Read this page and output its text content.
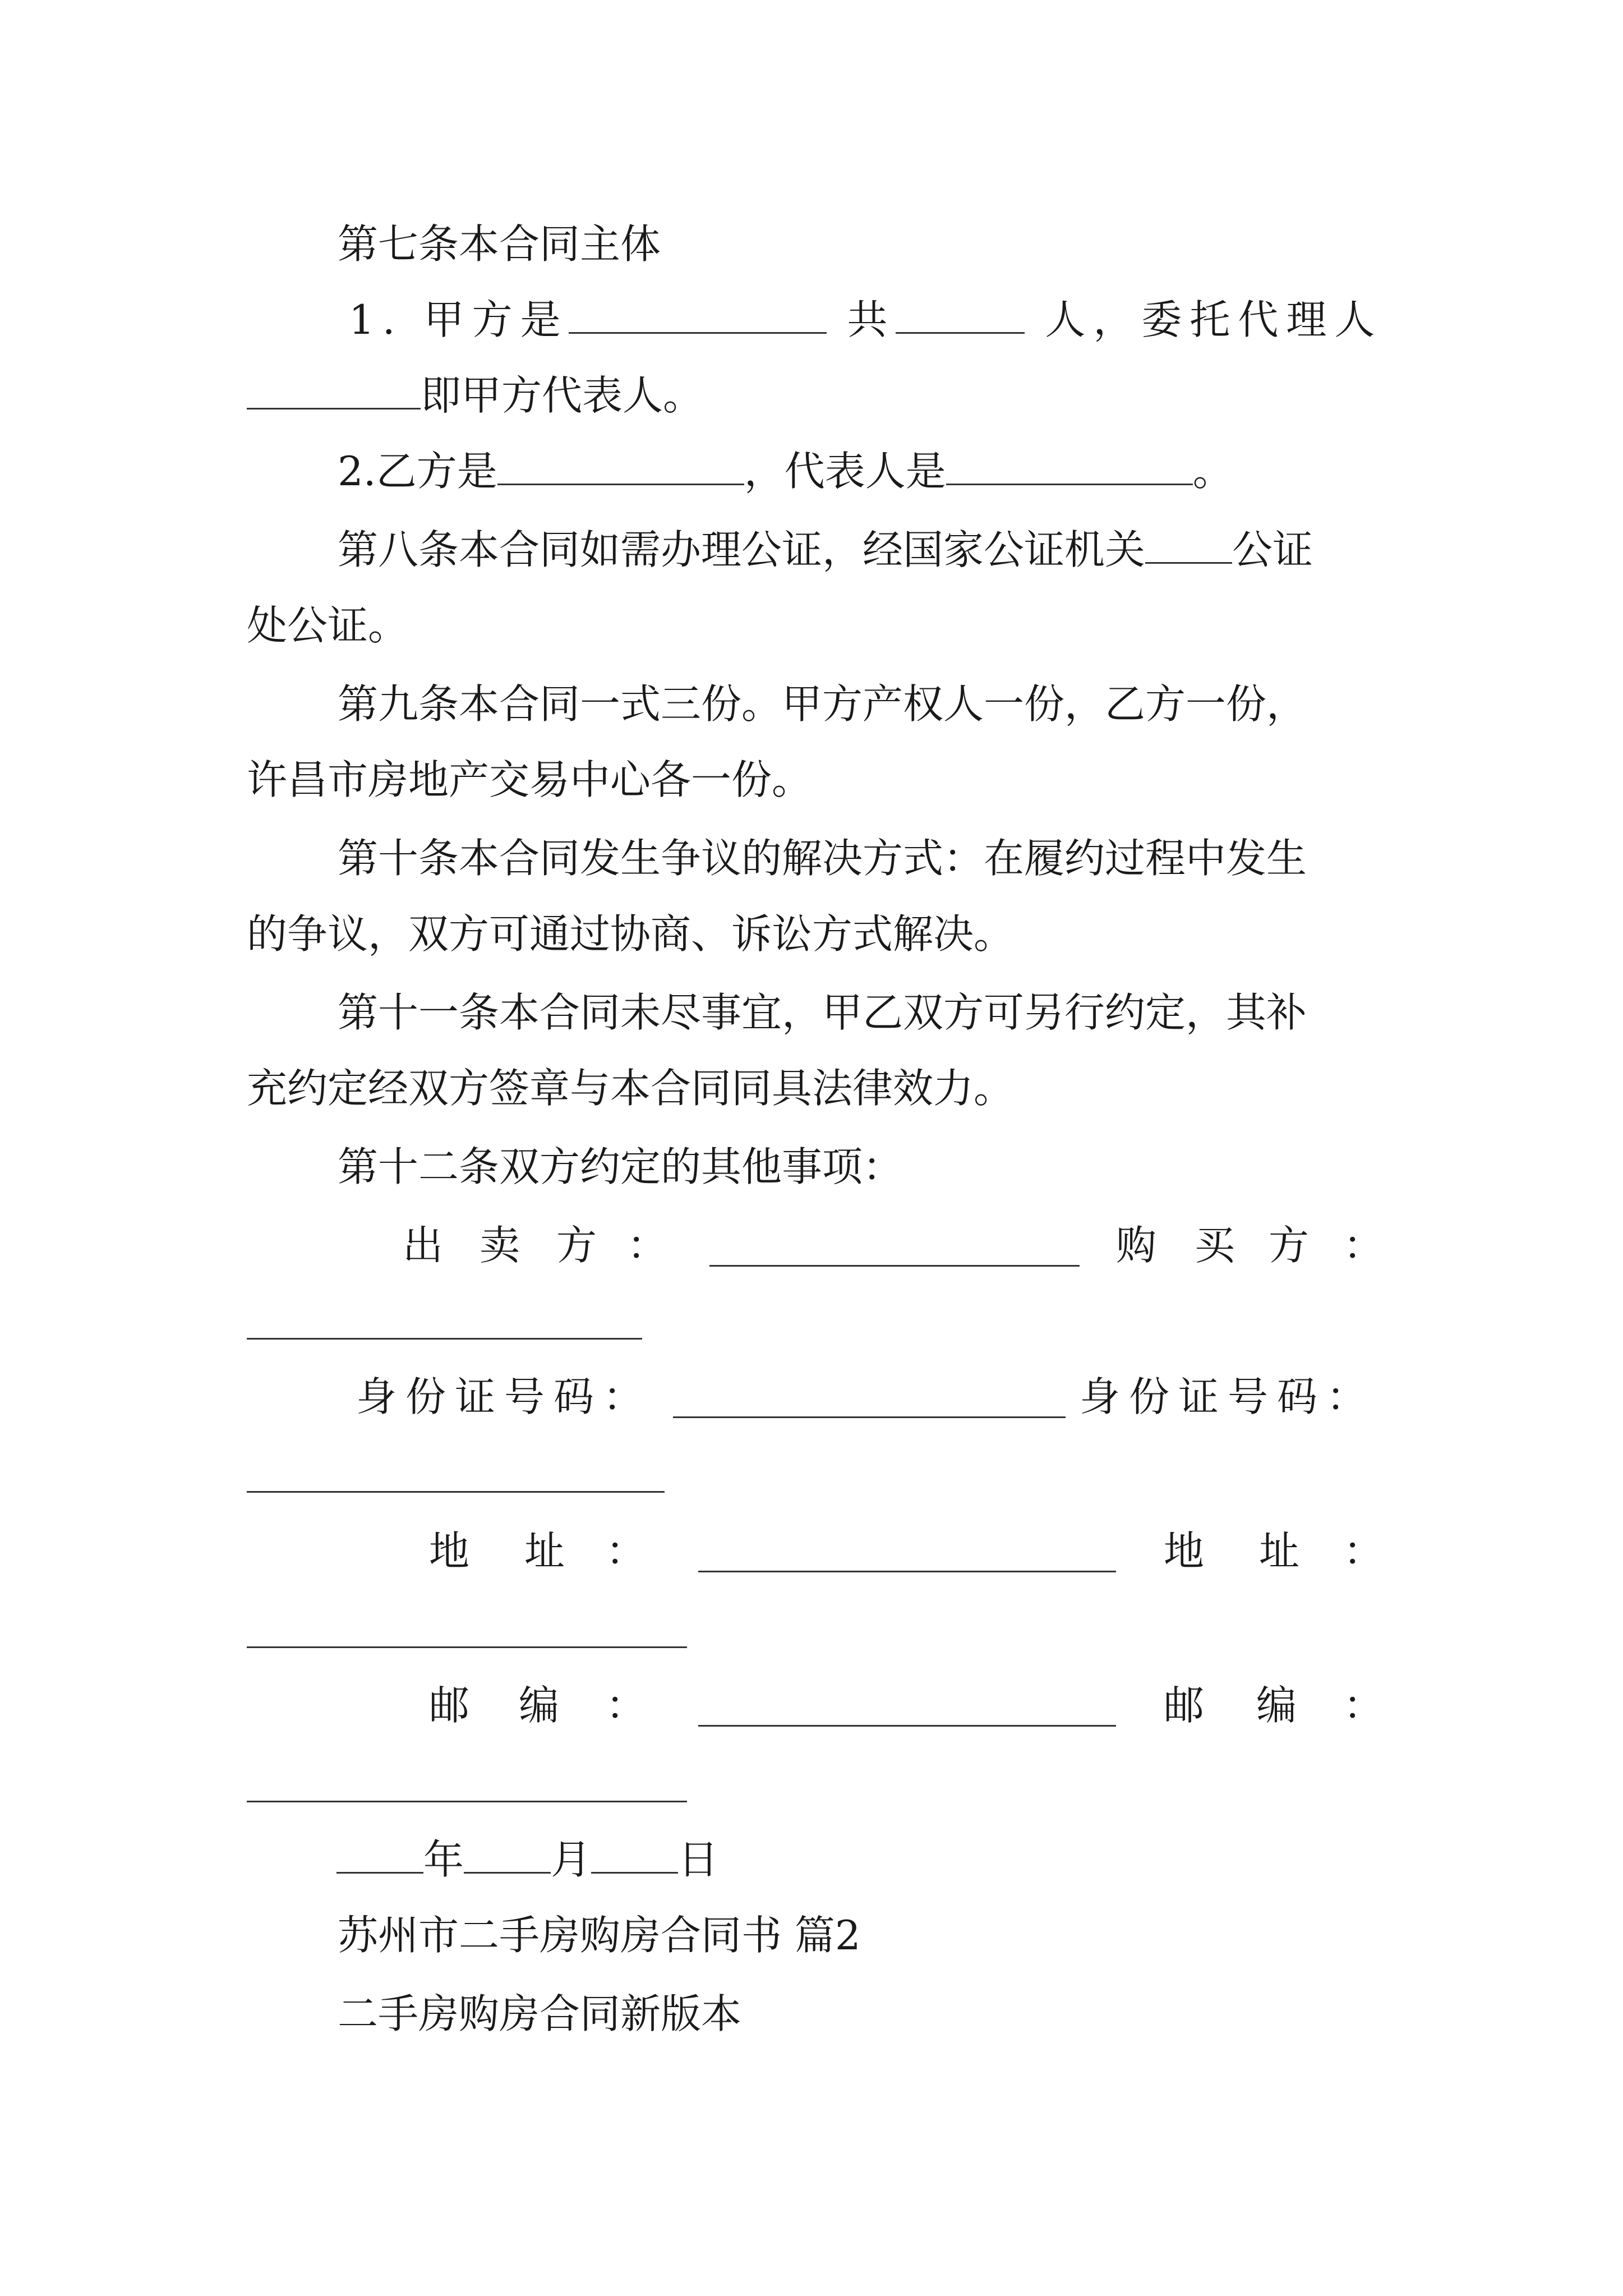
第七条本合同主体
1. 甲方是	共	人，委托代理人
即甲方代表人。
2.乙方是	，代表人是	。
第八条本合同如需办理公证，经国家公证机关 公证
处公证。
第九条本合同一式三份。甲方产权人一份，乙方一份，
许昌市房地产交易中心各一份。
第十条本合同发生争议的解决方式：在履约过程中发生
的争议，双方可通过协商、诉讼方式解决。
第十一条本合同未尽事宜，甲乙双方可另行约定，其补
充约定经双方签章与本合同同具法律效力。
第十二条双方约定的其他事项：
出 卖 方 ：	购 买 方 ：
身份证号码：	身份证号码：
地 址 ：	地 址 ：
邮 编 ：	邮 编 ：
年 月 日
苏州市二手房购房合同书 篇2
二手房购房合同新版本
